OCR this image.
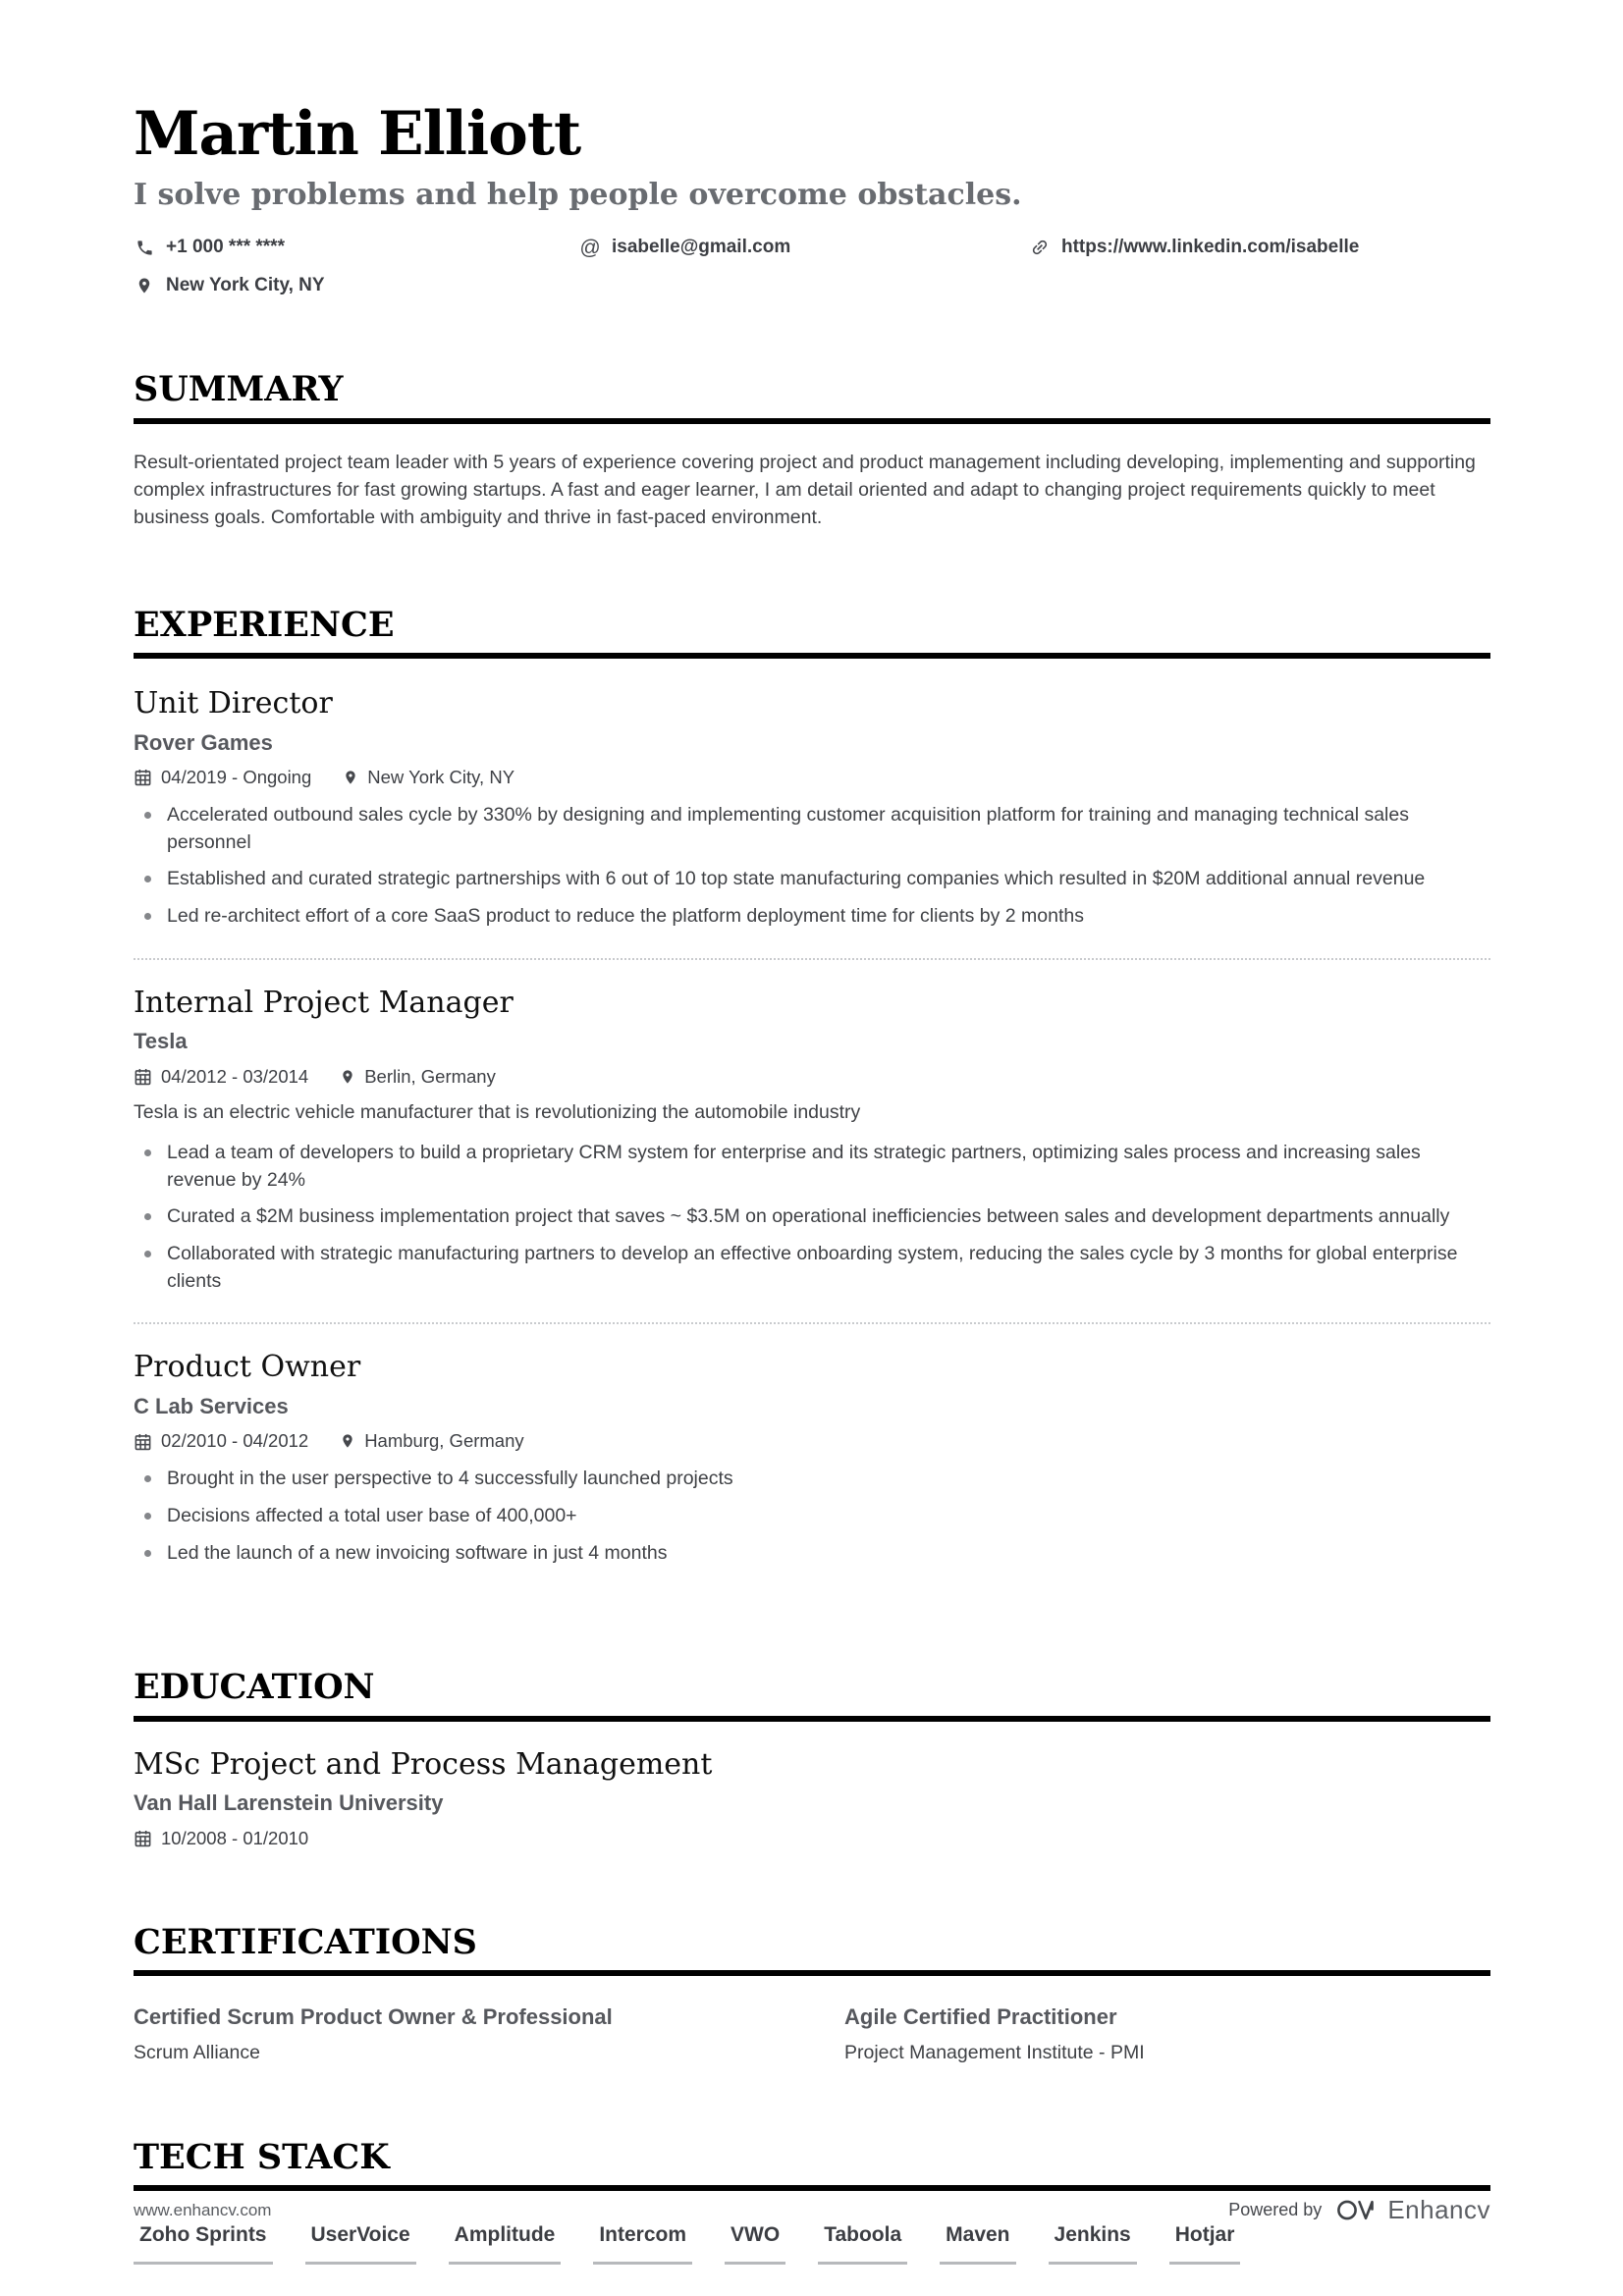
Martin Elliott
I solve problems and help people overcome obstacles.
+1 000 *** ****	@ isabelle@gmail.com	https://www.linkedin.com/isabelle
New York City, NY
SUMMARY

Result-orientated project team leader with 5 years of experience covering project and product management including developing, implementing and supporting complex infrastructures for fast growing startups. A fast and eager learner, I am detail oriented and adapt to changing project requirements quickly to meet business goals. Comfortable with ambiguity and thrive in fast-paced environment.

EXPERIENCE
Unit Director
Rover Games
04/2019 - Ongoing	New York City, NY
Accelerated outbound sales cycle by 330% by designing and implementing customer acquisition platform for training and managing technical sales personnel
Established and curated strategic partnerships with 6 out of 10 top state manufacturing companies which resulted in $20M additional annual revenue
Led re-architect effort of a core SaaS product to reduce the platform deployment time for clients by 2 months
Internal Project Manager
Tesla
04/2012 - 03/2014	Berlin, Germany
Tesla is an electric vehicle manufacturer that is revolutionizing the automobile industry
Lead a team of developers to build a proprietary CRM system for enterprise and its strategic partners, optimizing sales process and increasing sales revenue by 24%
Curated a $2M business implementation project that saves ~ $3.5M on operational inefficiencies between sales and development departments annually
Collaborated with strategic manufacturing partners to develop an effective onboarding system, reducing the sales cycle by 3 months for global enterprise clients
Product Owner
C Lab Services
02/2010 - 04/2012	Hamburg, Germany
Brought in the user perspective to 4 successfully launched projects
Decisions affected a total user base of 400,000+
Led the launch of a new invoicing software in just 4 months
EDUCATION
MSc Project and Process Management
Van Hall Larenstein University
10/2008 - 01/2010
CERTIFICATIONS
Certified Scrum Product Owner & Professional
Scrum Alliance
Agile Certified Practitioner
Project Management Institute - PMI
TECH STACK
Zoho Sprints UserVoice Amplitude Intercom VWO Taboola Maven Jenkins Hotjar
www.enhancv.com	Powered by	Enhancv
